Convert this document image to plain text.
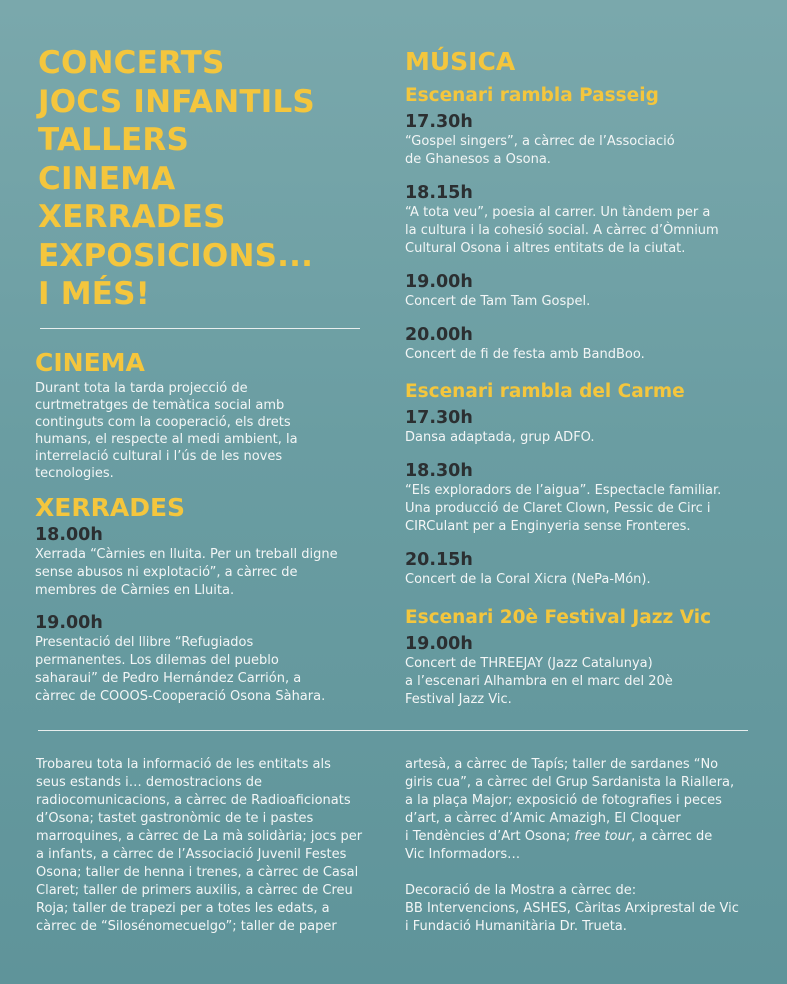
CONCERTS
JOCS INFANTILS
TALLERS
CINEMA
XERRADES
EXPOSICIONS...
I MÉS!
CINEMA
Durant tota la tarda projecció de
curtmetratges de temàtica social amb
continguts com la cooperació, els drets
humans, el respecte al medi ambient, la
interrelació cultural i l’ús de les noves
tecnologies.
XERRADES
18.00h
Xerrada “Càrnies en lluita. Per un treball digne
sense abusos ni explotació”, a càrrec de
membres de Càrnies en Lluita.
19.00h
Presentació del llibre “Refugiados
permanentes. Los dilemas del pueblo
saharaui” de Pedro Hernández Carrión, a
càrrec de COOOS-Cooperació Osona Sàhara.
MÚSICA
Escenari rambla Passeig
17.30h
“Gospel singers”, a càrrec de l’Associació
de Ghanesos a Osona.
18.15h
“A tota veu”, poesia al carrer. Un tàndem per a
la cultura i la cohesió social. A càrrec d’Òmnium
Cultural Osona i altres entitats de la ciutat.
19.00h
Concert de Tam Tam Gospel.
20.00h
Concert de fi de festa amb BandBoo.
Escenari rambla del Carme
17.30h
Dansa adaptada, grup ADFO.
18.30h
“Els exploradors de l’aigua”. Espectacle familiar.
Una producció de Claret Clown, Pessic de Circ i
CIRCulant per a Enginyeria sense Fronteres.
20.15h
Concert de la Coral Xicra (NePa-Món).
Escenari 20è Festival Jazz Vic
19.00h
Concert de THREEJAY (Jazz Catalunya)
a l’escenari Alhambra en el marc del 20è
Festival Jazz Vic.
Trobareu tota la informació de les entitats als
seus estands i… demostracions de
radiocomunicacions, a càrrec de Radioaficionats
d’Osona; tastet gastronòmic de te i pastes
marroquines, a càrrec de La mà solidària; jocs per
a infants, a càrrec de l’Associació Juvenil Festes
Osona; taller de henna i trenes, a càrrec de Casal
Claret; taller de primers auxilis, a càrrec de Creu
Roja; taller de trapezi per a totes les edats, a
càrrec de “Silosénomecuelgo”; taller de paper
artesà, a càrrec de Tapís; taller de sardanes “No
giris cua”, a càrrec del Grup Sardanista la Riallera,
a la plaça Major; exposició de fotografies i peces
d’art, a càrrec d’Amic Amazigh, El Cloquer
i Tendències d’Art Osona; free tour, a càrrec de
Vic Informadors…
Decoració de la Mostra a càrrec de:
BB Intervencions, ASHES, Càritas Arxiprestal de Vic
i Fundació Humanitària Dr. Trueta.
